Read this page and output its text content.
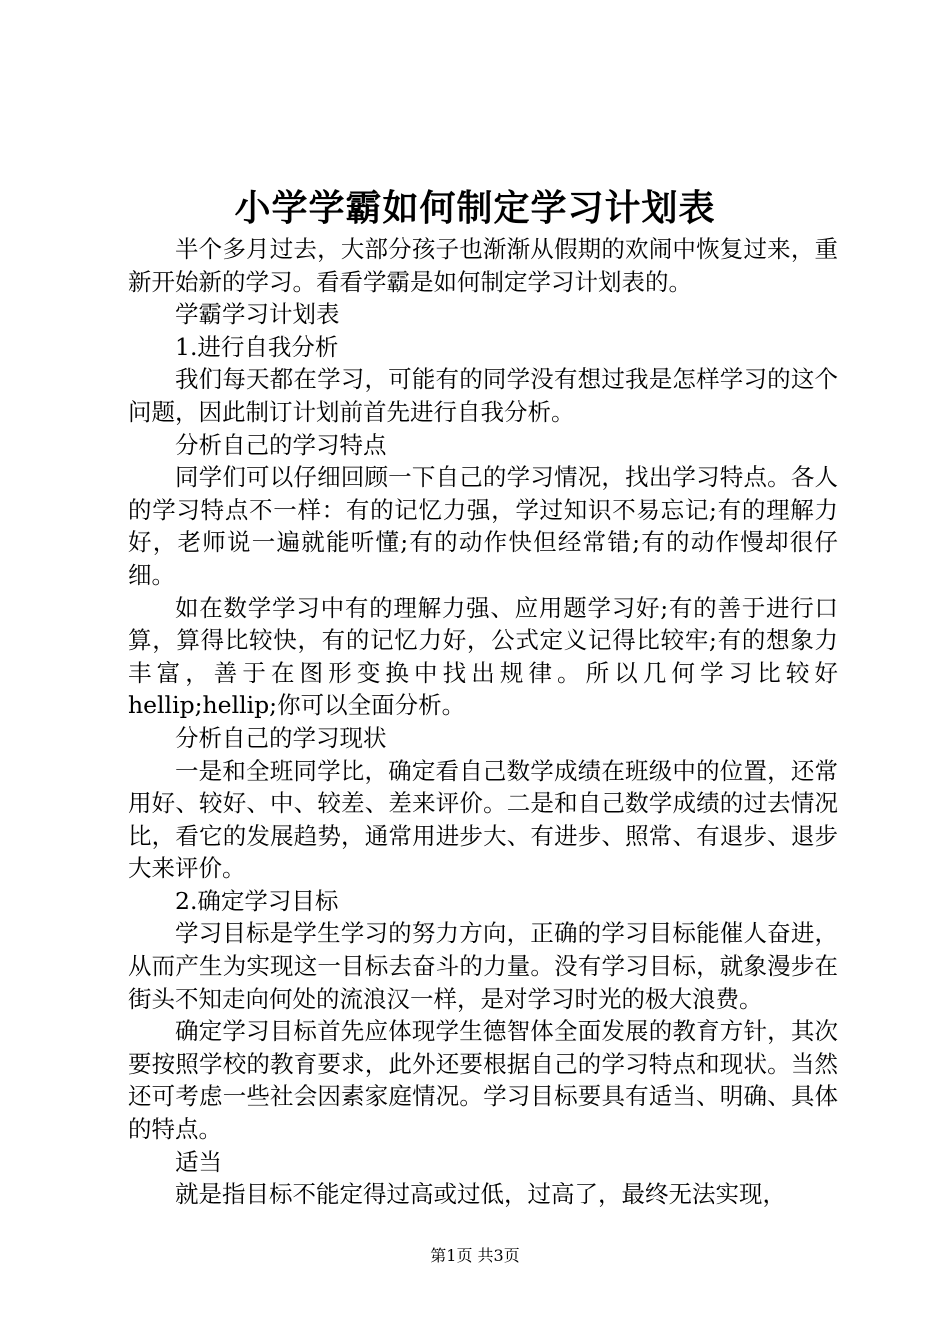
小学学霸如何制定学习计划表

半个多月过去，大部分孩子也渐渐从假期的欢闹中恢复过来，重新开始新的学习。看看学霸是如何制定学习计划表的。

学霸学习计划表

1.进行自我分析

我们每天都在学习，可能有的同学没有想过我是怎样学习的这个问题，因此制订计划前首先进行自我分析。

分析自己的学习特点

同学们可以仔细回顾一下自己的学习情况，找出学习特点。各人的学习特点不一样：有的记忆力强，学过知识不易忘记;有的理解力好，老师说一遍就能听懂;有的动作快但经常错;有的动作慢却很仔细。

如在数学学习中有的理解力强、应用题学习好;有的善于进行口算，算得比较快，有的记忆力好，公式定义记得比较牢;有的想象力丰富，善于在图形变换中找出规律。所以几何学习比较好hellip;hellip;你可以全面分析。

分析自己的学习现状

一是和全班同学比，确定看自己数学成绩在班级中的位置，还常用好、较好、中、较差、差来评价。二是和自己数学成绩的过去情况比，看它的发展趋势，通常用进步大、有进步、照常、有退步、退步大来评价。

2.确定学习目标

学习目标是学生学习的努力方向，正确的学习目标能催人奋进，从而产生为实现这一目标去奋斗的力量。没有学习目标，就象漫步在街头不知走向何处的流浪汉一样，是对学习时光的极大浪费。

确定学习目标首先应体现学生德智体全面发展的教育方针，其次要按照学校的教育要求，此外还要根据自己的学习特点和现状。当然还可考虑一些社会因素家庭情况。学习目标要具有适当、明确、具体的特点。

适当

就是指目标不能定得过高或过低，过高了，最终无法实现，

第1页 共3页
